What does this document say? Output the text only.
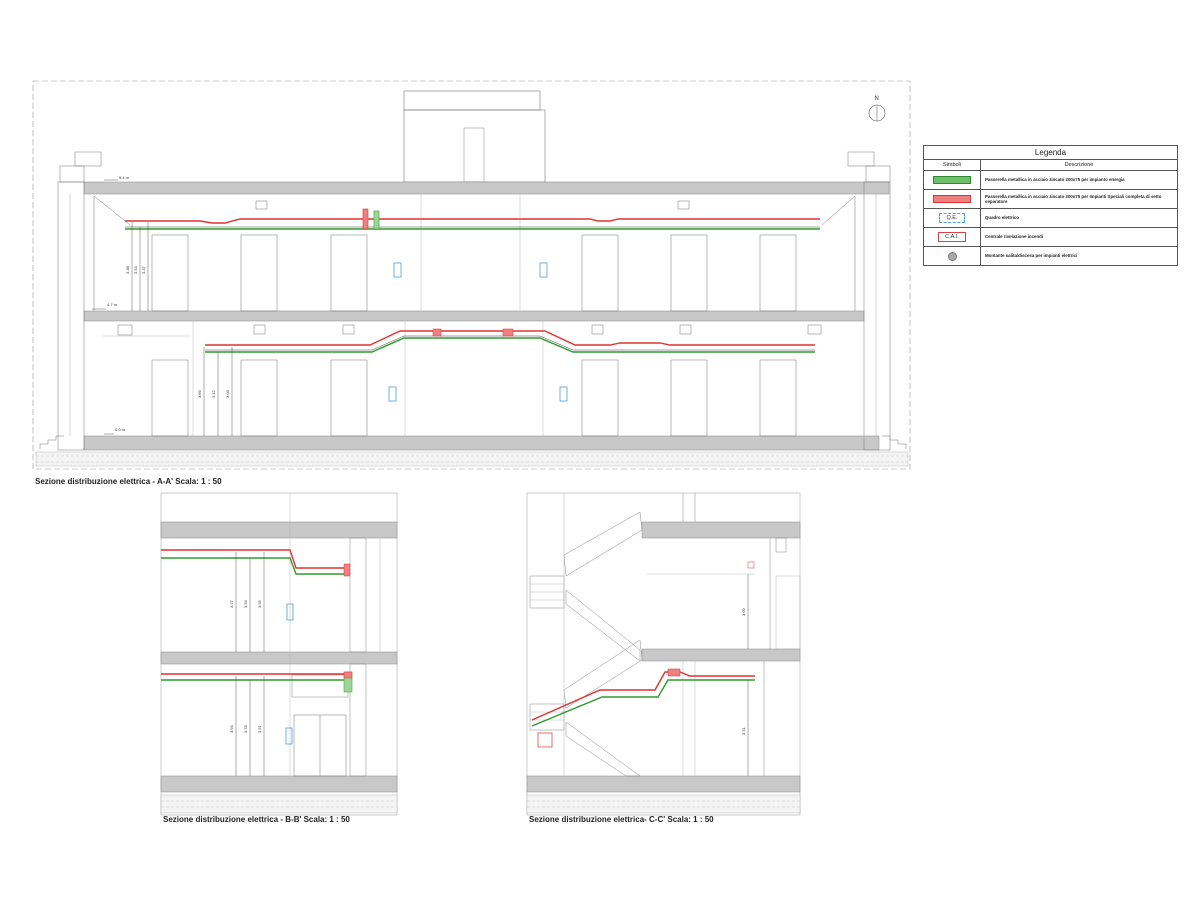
N
9.4 m
4.7 m
0.0 m
3.38 3.54 3.37
3.69 3.12 3.04
3.77 3.54 3.55
3.94 3.78 3.51
3.69
3.51
Legenda
Simboli	Descrizione
Passerella metallica in acciaio zincato 200x75 per impianto energia
Passerella metallica in acciaio zincato 200x75 per Impianti Speciali completa di setto separatore
Q.E.	Quadro elettrico
C.A.I.	Centrale rivelazione incendi
Montante salita/discesa per impianti elettrici
Sezione distribuzione elettrica - A-A' Scala: 1 : 50
Sezione distribuzione elettrica - B-B' Scala: 1 : 50	Sezione distribuzione elettrica- C-C' Scala: 1 : 50
